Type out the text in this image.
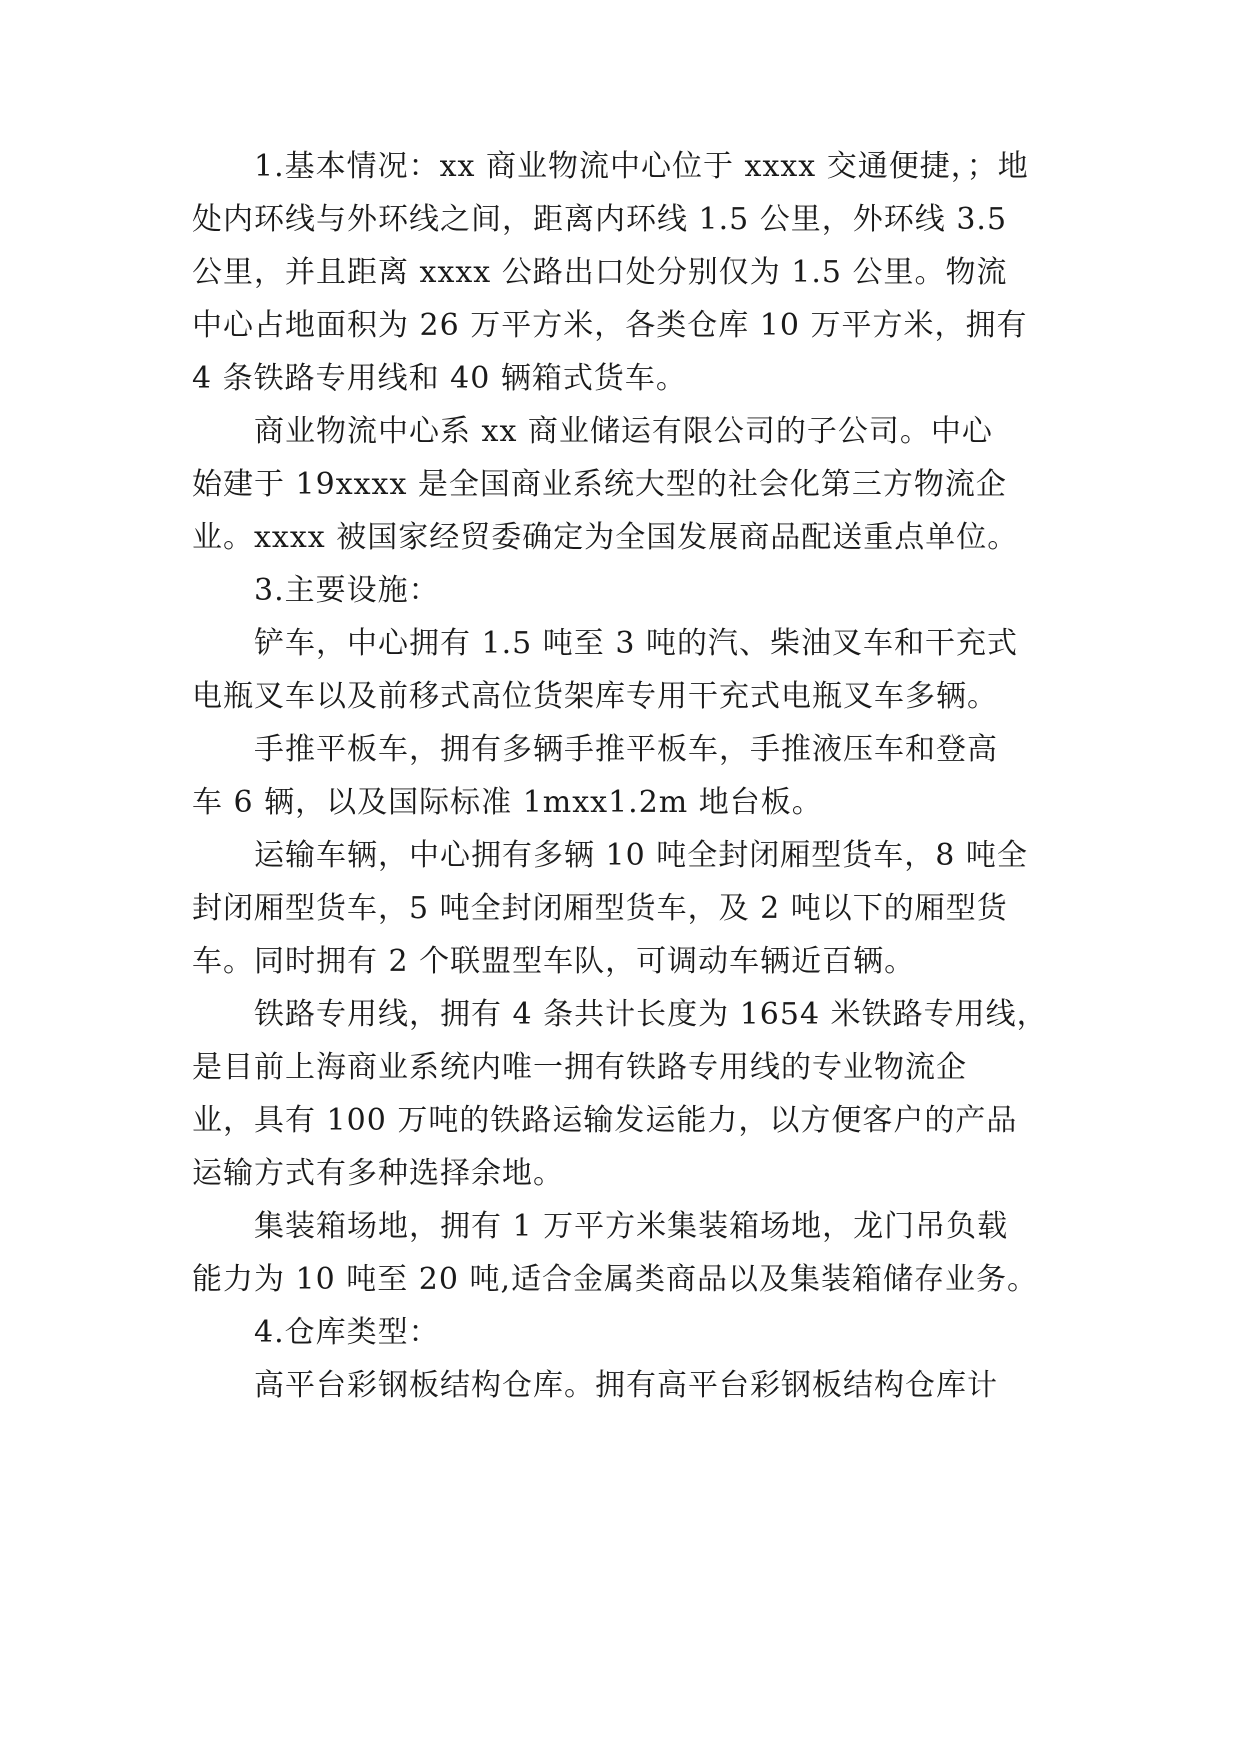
1.基本情况：xx 商业物流中心位于 xxxx 交通便捷，；地
处内环线与外环线之间，距离内环线 1.5 公里，外环线 3.5
公里，并且距离 xxxx 公路出口处分别仅为 1.5 公里。物流
中心占地面积为 26 万平方米，各类仓库 10 万平方米，拥有
4 条铁路专用线和 40 辆箱式货车。
商业物流中心系 xx 商业储运有限公司的子公司。中心
始建于 19xxxx 是全国商业系统大型的社会化第三方物流企
业。xxxx 被国家经贸委确定为全国发展商品配送重点单位。
3.主要设施：
铲车，中心拥有 1.5 吨至 3 吨的汽、柴油叉车和干充式
电瓶叉车以及前移式高位货架库专用干充式电瓶叉车多辆。
手推平板车，拥有多辆手推平板车，手推液压车和登高
车 6 辆，以及国际标准 1mxx1.2m 地台板。
运输车辆，中心拥有多辆 10 吨全封闭厢型货车，8 吨全
封闭厢型货车，5 吨全封闭厢型货车，及 2 吨以下的厢型货
车。同时拥有 2 个联盟型车队，可调动车辆近百辆。
铁路专用线，拥有 4 条共计长度为 1654 米铁路专用线，
是目前上海商业系统内唯一拥有铁路专用线的专业物流企
业，具有 100 万吨的铁路运输发运能力，以方便客户的产品
运输方式有多种选择余地。
集装箱场地，拥有 1 万平方米集装箱场地，龙门吊负载
能力为 10 吨至 20 吨,适合金属类商品以及集装箱储存业务。
4.仓库类型：
高平台彩钢板结构仓库。拥有高平台彩钢板结构仓库计
